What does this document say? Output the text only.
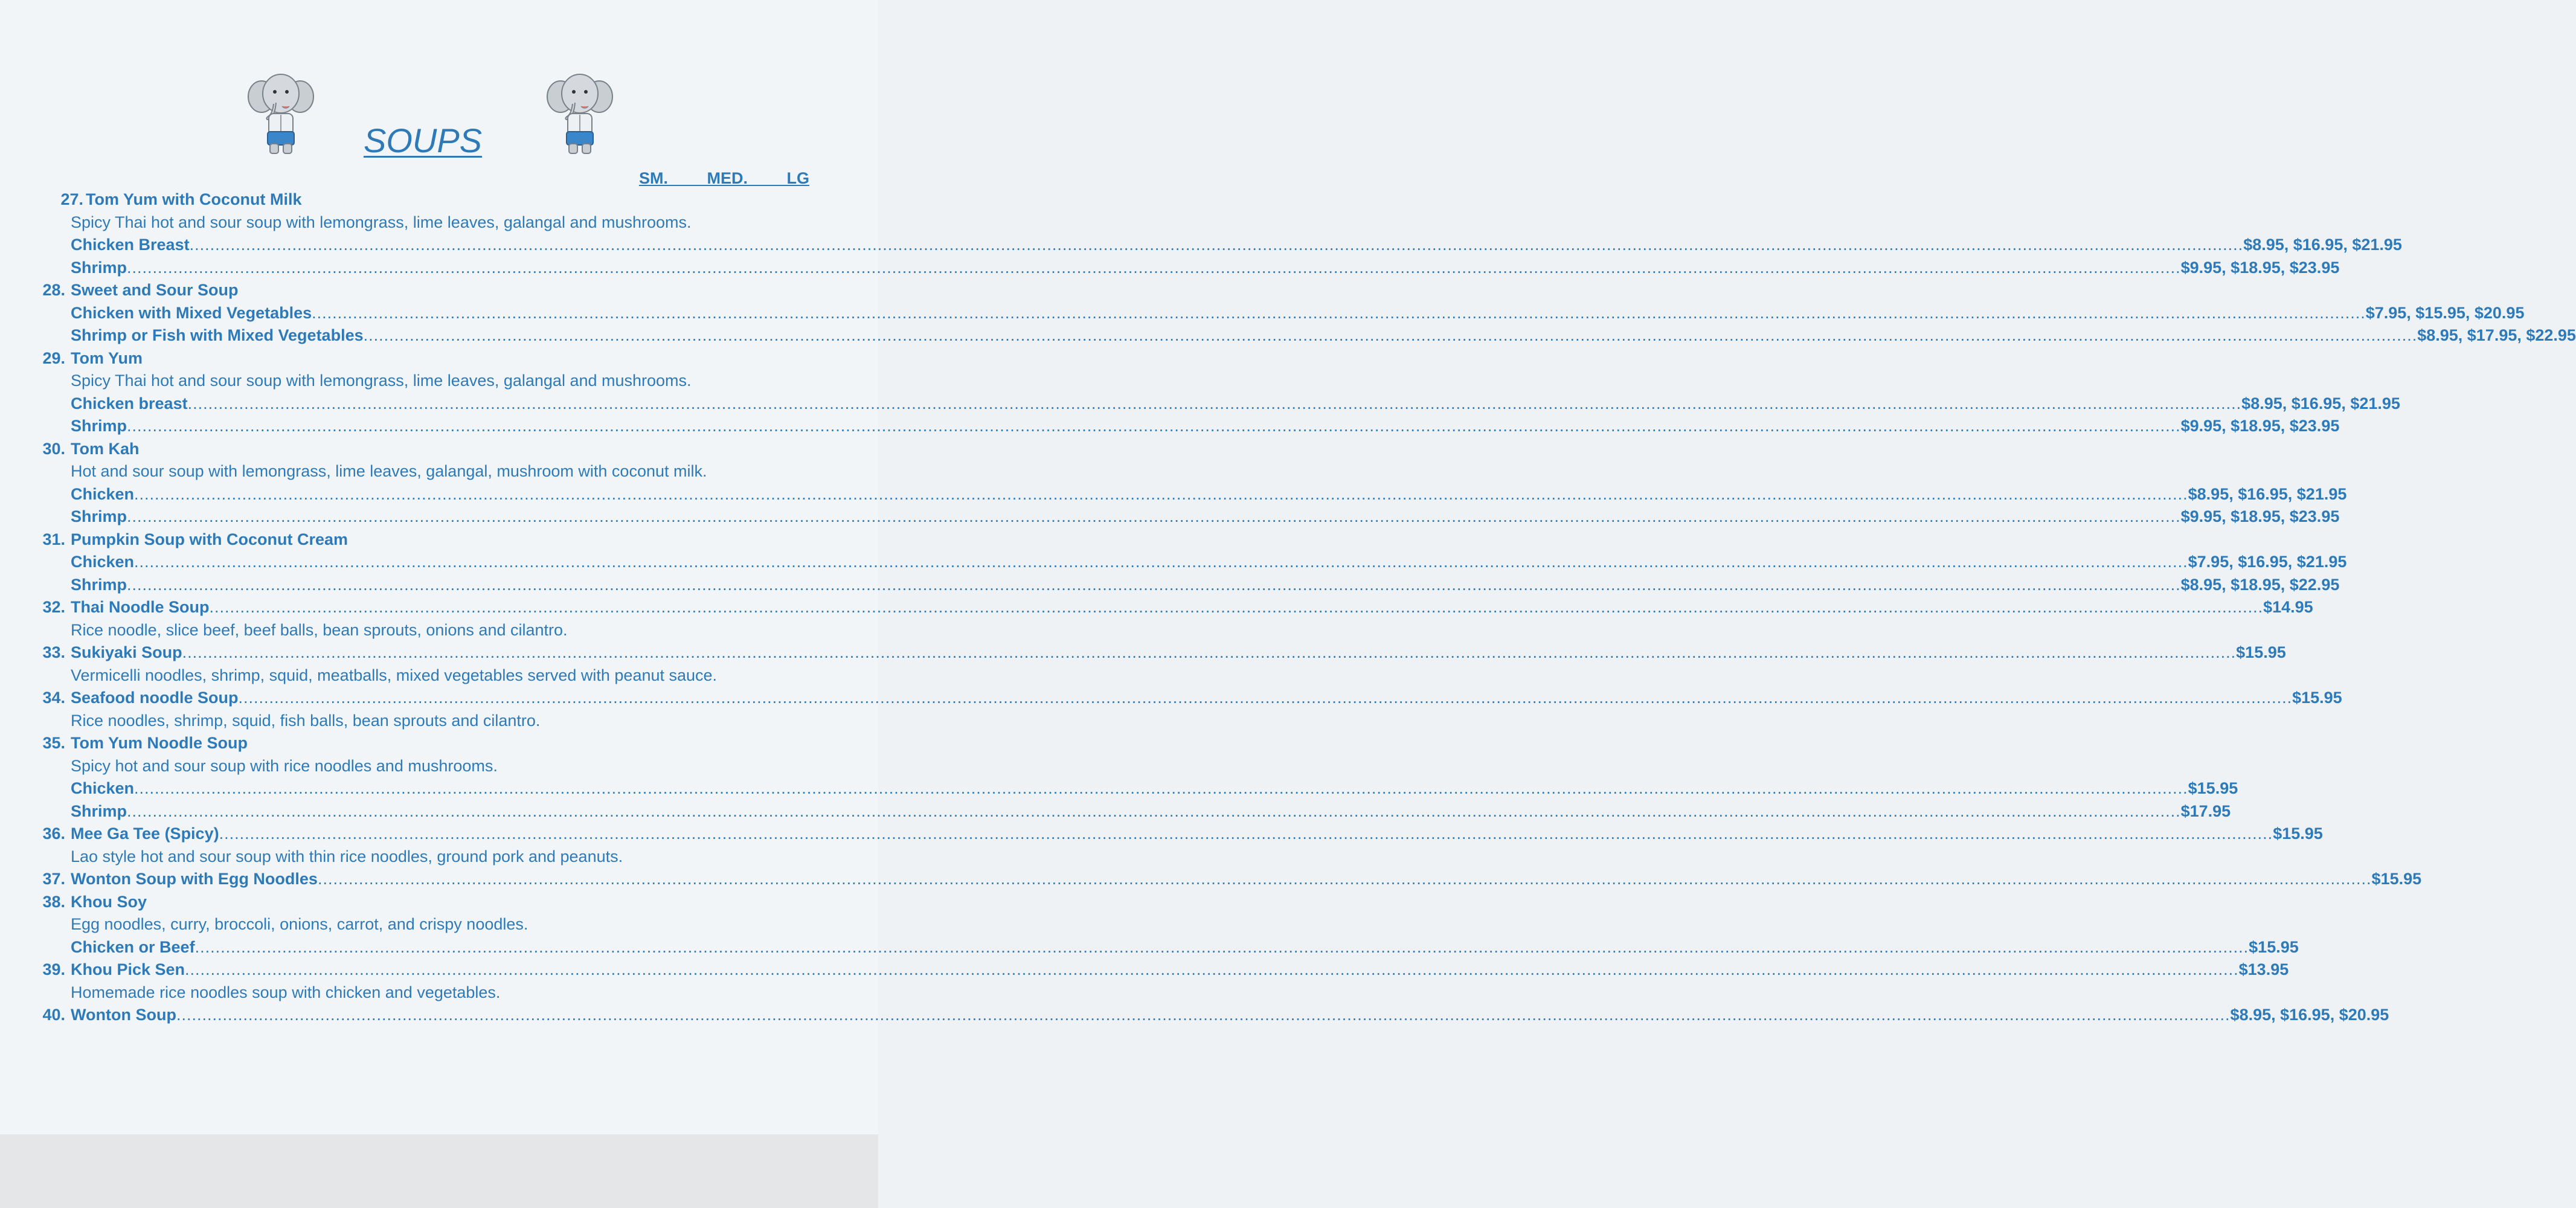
SOUPS
SM.   MED.   LG
27. Tom Yum with Coconut Milk
Spicy Thai hot and sour soup with lemongrass, lime leaves, galangal and mushrooms.
Chicken Breast ................................................................................................................................................................................................................................................................................................................................................................................................................ $8.95, $16.95, $21.95
Shrimp ................................................................................................................................................................................................................................................................................................................................................................................................................ $9.95, $18.95, $23.95
28. Sweet and Sour Soup
Chicken with Mixed Vegetables ................................................................................................................................................................................................................................................................................................................................................................................................................ $7.95, $15.95, $20.95
Shrimp or Fish with Mixed Vegetables ................................................................................................................................................................................................................................................................................................................................................................................................................ $8.95, $17.95, $22.95
29. Tom Yum
Spicy Thai hot and sour soup with lemongrass, lime leaves, galangal and mushrooms.
Chicken breast ................................................................................................................................................................................................................................................................................................................................................................................................................ $8.95, $16.95, $21.95
Shrimp ................................................................................................................................................................................................................................................................................................................................................................................................................ $9.95, $18.95, $23.95
30. Tom Kah
Hot and sour soup with lemongrass, lime leaves, galangal, mushroom with coconut milk.
Chicken ................................................................................................................................................................................................................................................................................................................................................................................................................ $8.95, $16.95, $21.95
Shrimp ................................................................................................................................................................................................................................................................................................................................................................................................................ $9.95, $18.95, $23.95
31. Pumpkin Soup with Coconut Cream
Chicken ................................................................................................................................................................................................................................................................................................................................................................................................................ $7.95, $16.95, $21.95
Shrimp ................................................................................................................................................................................................................................................................................................................................................................................................................ $8.95, $18.95, $22.95
32. Thai Noodle Soup ................................................................................................................................................................................................................................................................................................................................................................................................................ $14.95
Rice noodle, slice beef, beef balls, bean sprouts, onions and cilantro.
33. Sukiyaki Soup ................................................................................................................................................................................................................................................................................................................................................................................................................ $15.95
Vermicelli noodles, shrimp, squid, meatballs, mixed vegetables served with peanut sauce.
34. Seafood noodle Soup ................................................................................................................................................................................................................................................................................................................................................................................................................ $15.95
Rice noodles, shrimp, squid, fish balls, bean sprouts and cilantro.
35. Tom Yum Noodle Soup
Spicy hot and sour soup with rice noodles and mushrooms.
Chicken ................................................................................................................................................................................................................................................................................................................................................................................................................ $15.95
Shrimp ................................................................................................................................................................................................................................................................................................................................................................................................................ $17.95
36. Mee Ga Tee (Spicy) ................................................................................................................................................................................................................................................................................................................................................................................................................ $15.95
Lao style hot and sour soup with thin rice noodles, ground pork and peanuts.
37. Wonton Soup with Egg Noodles ................................................................................................................................................................................................................................................................................................................................................................................................................ $15.95
38. Khou Soy
Egg noodles, curry, broccoli, onions, carrot, and crispy noodles.
Chicken or Beef ................................................................................................................................................................................................................................................................................................................................................................................................................ $15.95
39. Khou Pick Sen ................................................................................................................................................................................................................................................................................................................................................................................................................ $13.95
Homemade rice noodles soup with chicken and vegetables.
40. Wonton Soup ................................................................................................................................................................................................................................................................................................................................................................................................................ $8.95, $16.95, $20.95
